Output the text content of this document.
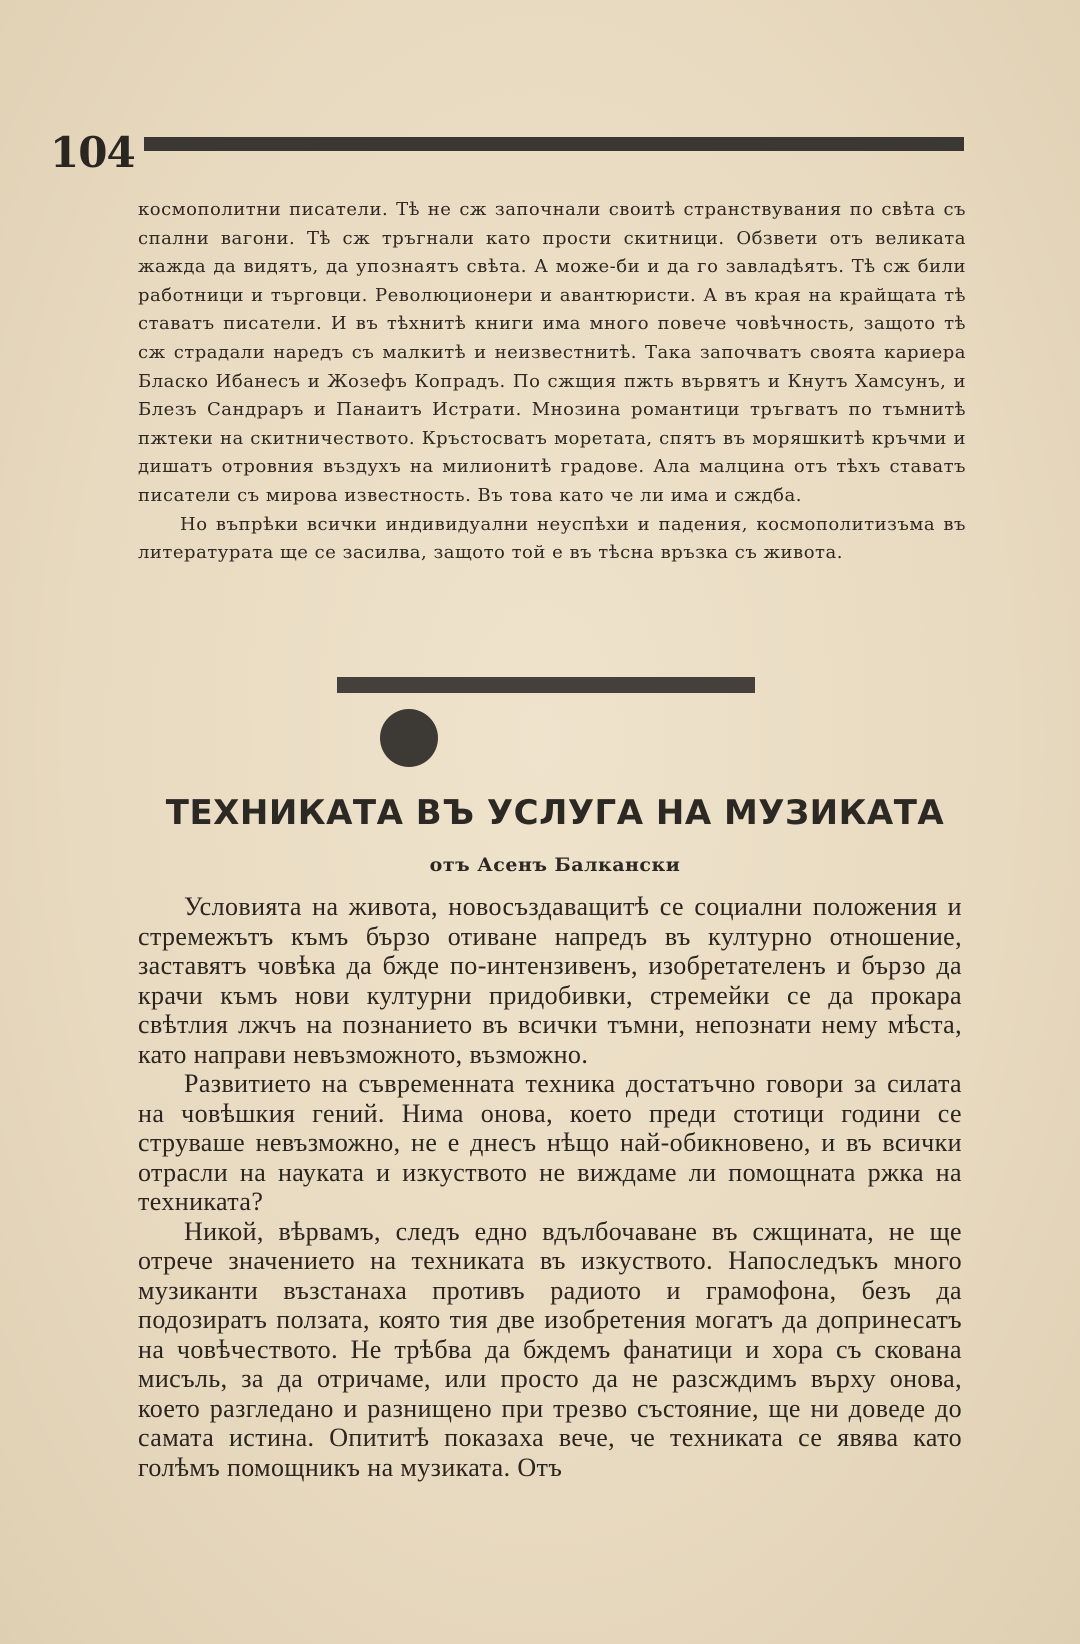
104

космополитни писатели. Тѣ не сж започнали своитѣ странствувания по свѣта съ спални вагони. Тѣ сж тръгнали като прости скитници. Обзвети отъ великата жажда да видятъ, да упознаятъ свѣта. А може-би и да го завладѣятъ. Тѣ сж били работници и търговци. Революционери и авантюристи. А въ края на крайщата тѣ ставатъ писатели. И въ тѣхнитѣ книги има много повече човѣчность, защото тѣ сж страдали наредъ съ малкитѣ и неизвестнитѣ. Така започватъ своята кариера Бласко Ибанесъ и Жозефъ Копрадъ. По сжщия пжть вървятъ и Кнутъ Хамсунъ, и Блезъ Сандраръ и Панаитъ Истрати. Мнозина романтици тръгватъ по тъмнитѣ пжтеки на скитничеството. Кръстосватъ моретата, спятъ въ моряшкитѣ кръчми и дишатъ отровния въздухъ на милионитѣ градове. Ала малцина отъ тѣхъ ставатъ писатели съ мирова известность. Въ това като че ли има и сждба.

Но въпрѣки всички индивидуални неуспѣхи и падения, космополитизъма въ литературата ще се засилва, защото той е въ тѣсна връзка съ живота.

ТЕХНИКАТА ВЪ УСЛУГА НА МУЗИКАТА
отъ Асенъ Балкански

Условията на живота, новосъздаващитѣ се социални положения и стремежътъ къмъ бързо отиване напредъ въ културно отношение, заставятъ човѣка да бжде по-интензивенъ, изобретателенъ и бързо да крачи къмъ нови културни придобивки, стремейки се да прокара свѣтлия лжчъ на познанието въ всички тъмни, непознати нему мѣста, като направи невъзможното, възможно.

Развитието на съвременната техника достатъчно говори за силата на човѣшкия гений. Нима онова, което преди стотици години се струваше невъзможно, не е днесъ нѣщо най-обикновено, и въ всички отрасли на науката и изкуството не виждаме ли помощната ржка на техниката?

Никой, вѣрвамъ, следъ едно вдълбочаване въ сжщината, не ще отрече значението на техниката въ изкуството. Напоследъкъ много музиканти възстанаха противъ радиото и грамофона, безъ да подозиратъ ползата, която тия две изобретения могатъ да допринесатъ на човѣчеството. Не трѣбва да бждемъ фанатици и хора съ скована мисъль, за да отричаме, или просто да не разсждимъ върху онова, което разгледано и разнищено при трезво състояние, ще ни доведе до самата истина. Опититѣ показаха вече, че техниката се явява като голѣмъ помощникъ на музиката. Отъ
